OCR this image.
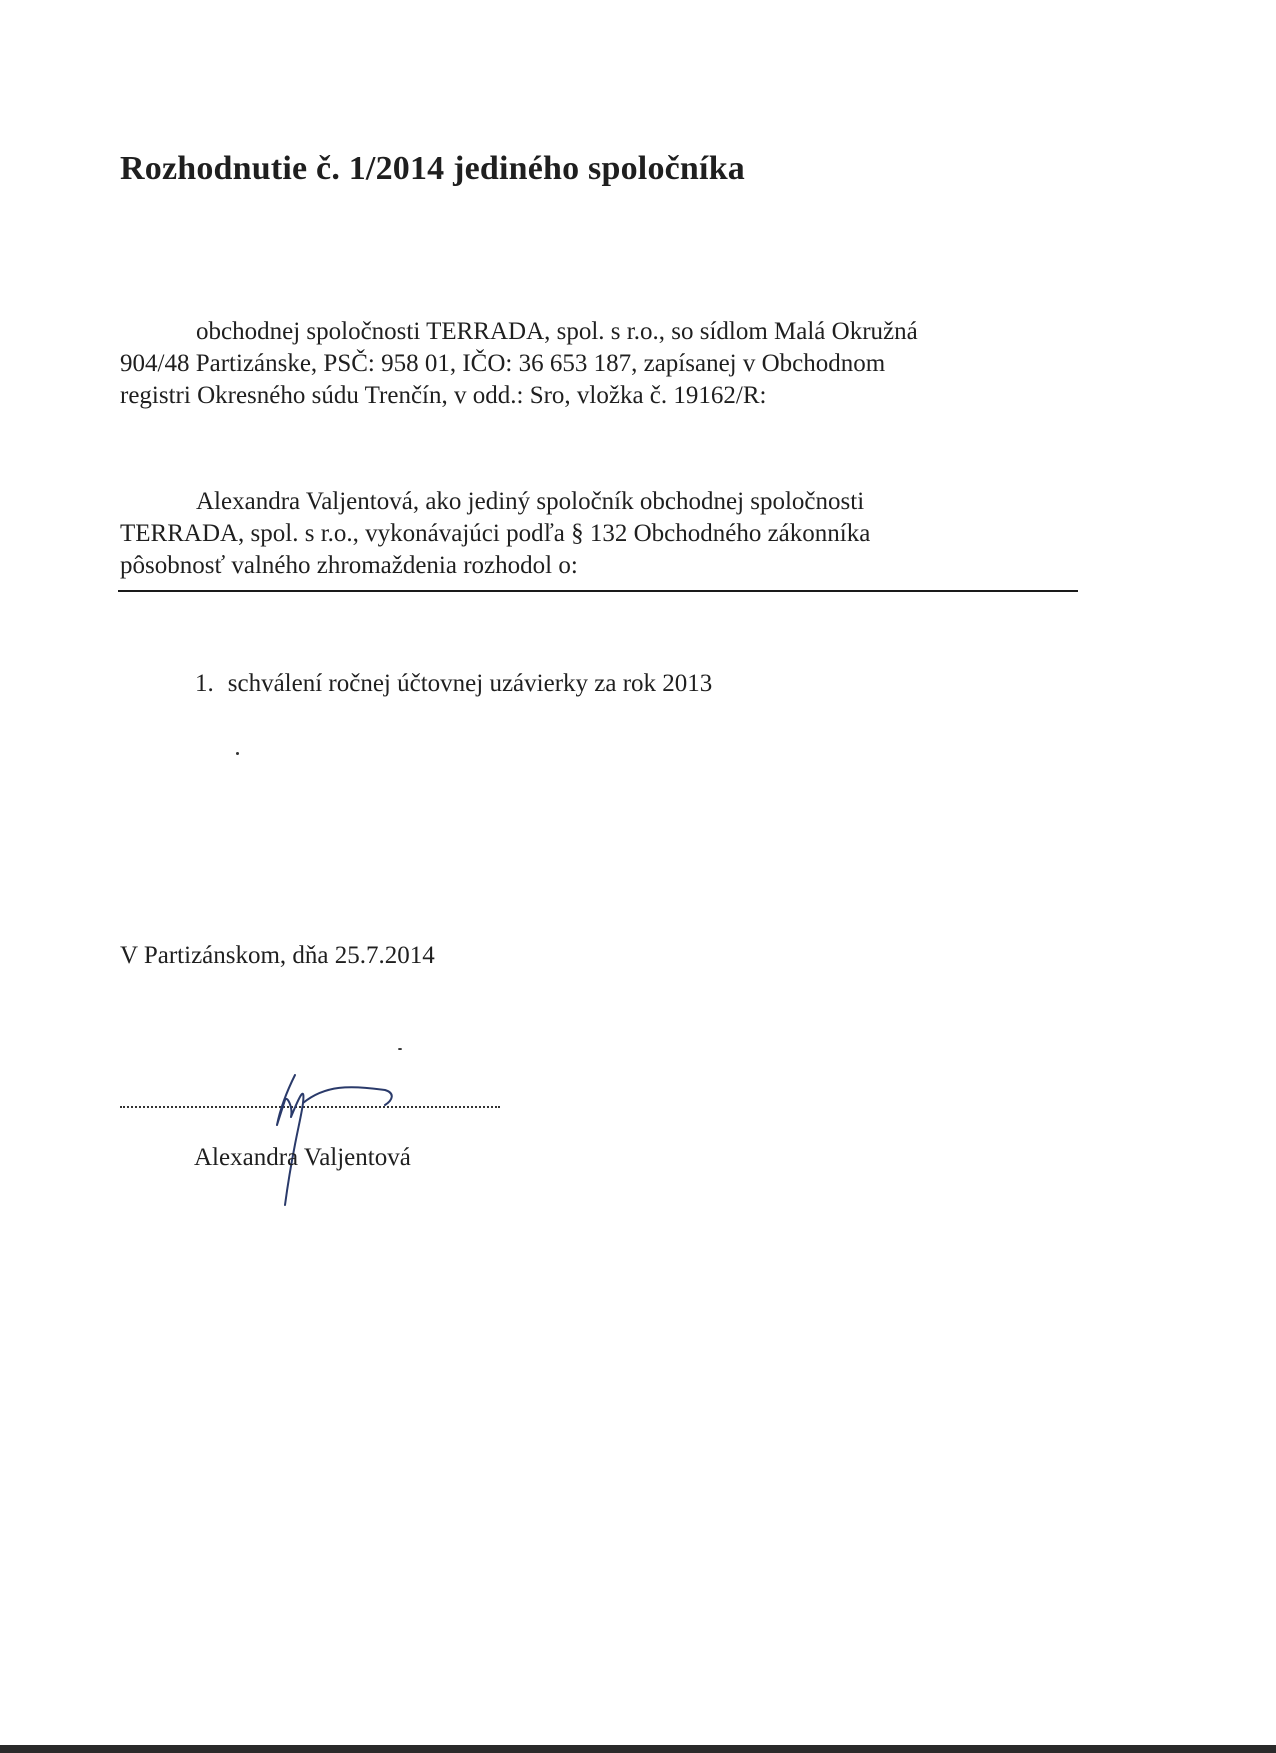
Rozhodnutie č. 1/2014 jediného spoločníka
obchodnej spoločnosti TERRADA, spol. s r.o., so sídlom Malá Okružná
904/48 Partizánske, PSČ: 958 01, IČO: 36 653 187, zapísanej v Obchodnom
registri Okresného súdu Trenčín, v odd.: Sro, vložka č. 19162/R:
Alexandra Valjentová, ako jediný spoločník obchodnej spoločnosti
TERRADA, spol. s r.o., vykonávajúci podľa § 132 Obchodného zákonníka
pôsobnosť valného zhromaždenia rozhodol o:
1. schválení ročnej účtovnej uzávierky za rok 2013
V Partizánskom, dňa 25.7.2014
Alexandra Valjentová
